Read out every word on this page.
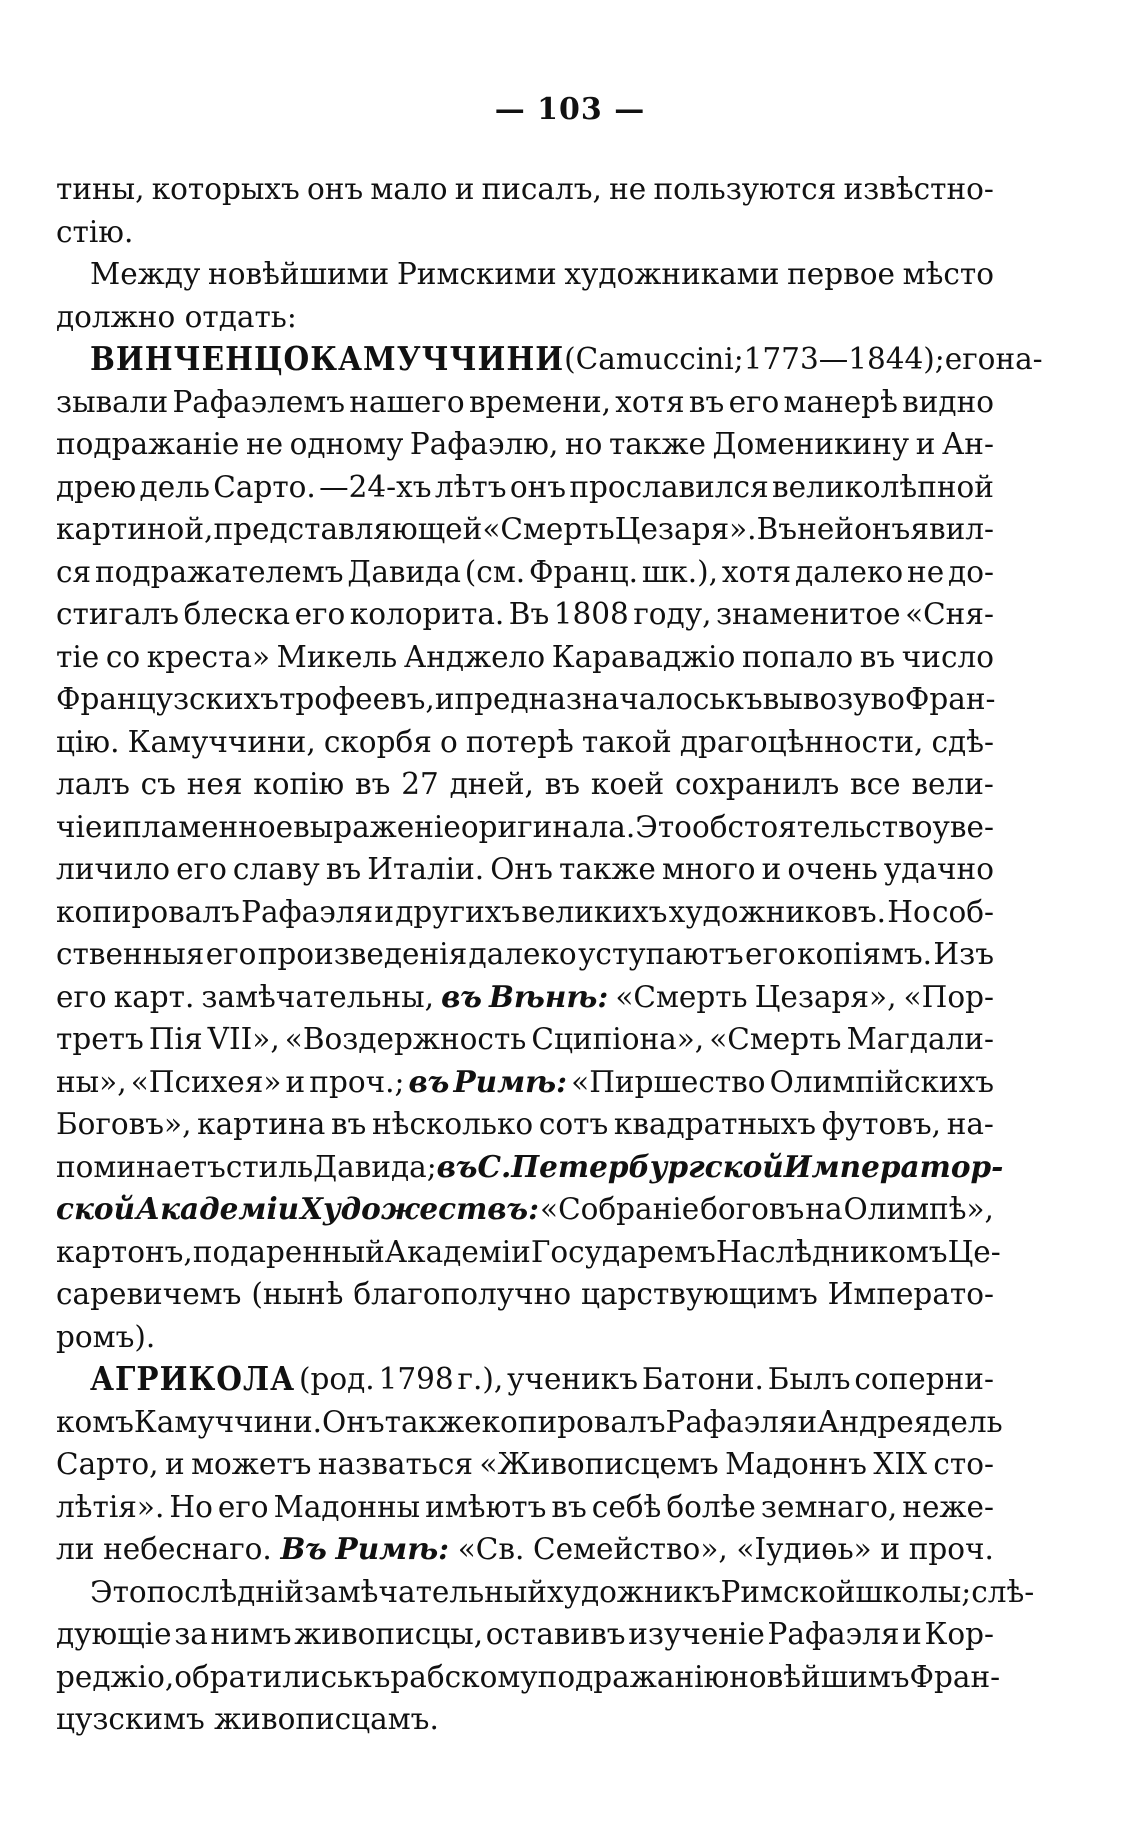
— 103 —
тины, которыхъ онъ мало и писалъ, не пользуются извѣстно-
стію.
Между новѣйшими Римскими художниками первое мѣсто
должно
отдать:
ВИНЧЕНЦО КАМУЧЧИНИ (Camuccini; 1773 —1844); его на-
зывали Рафаэлемъ нашего времени, хотя въ его манерѣ видно
подражаніе не одному Рафаэлю, но также Доменикину и Ан-
дрею дель Сарто. —24-хъ лѣтъ онъ прославился великолѣпной
картиной, представляющей «Смерть Цезаря». Въ ней онъ явил-
ся подражателемъ Давида (см. Франц. шк.), хотя далеко не до-
стигалъ блеска его колорита. Въ 1808 году, знаменитое «Сня-
тіе со креста» Микель Анджело Караваджіо попало въ число
Французскихъ трофеевъ, и предназначалось къ вывозу во Фран-
цію. Камуччини, скорбя о потерѣ такой драгоцѣнности, сдѣ-
лалъ съ нея копію въ 27 дней, въ коей сохранилъ все вели-
чіе и пламенное выраженіе оригинала. Это обстоятельство уве-
личило его славу въ Италіи. Онъ также много и очень удачно
копировалъ Рафаэля и другихъ великихъ художниковъ. Но соб-
ственныя его произведенія далеко уступаютъ его копіямъ. Изъ
его карт. замѣчательны, въ Вѣнѣ: «Смерть Цезаря», «Пор-
третъ Пія VII», «Воздержность Сципіона», «Смерть Магдали-
ны», «Психея» и проч.; въ Римѣ: «Пиршество Олимпійскихъ
Боговъ», картина въ нѣсколько сотъ квадратныхъ футовъ, на-
поминаетъ стиль Давида; въ С. Петербургской Император-
ской Академіи Художествъ: «Собраніе боговъ на Олимпѣ»,
картонъ, подаренный Академіи Государемъ Наслѣдникомъ Це-
саревичемъ (нынѣ благополучно царствующимъ Императо-
ромъ).
АГРИКОЛА (род. 1798 г.), ученикъ Батони. Былъ соперни-
комъ Камуччини. Онъ также копировалъ Рафаэля и Андрея дель
Сарто, и можетъ назваться «Живописцемъ Мадоннъ XIX сто-
лѣтія». Но его Мадонны имѣютъ въ себѣ болѣе земнаго, неже-
ли небеснаго. Въ Римѣ: «Св. Семейство», «Іудиѳь» и проч.
Это послѣдній замѣчательный художникъ Римской школы; слѣ-
дующіе за нимъ живописцы, оставивъ изученіе Рафаэля и Кор-
реджіо, обратились къ рабскому подражанію новѣйшимъ Фран-
цузскимъ
живописцамъ.
